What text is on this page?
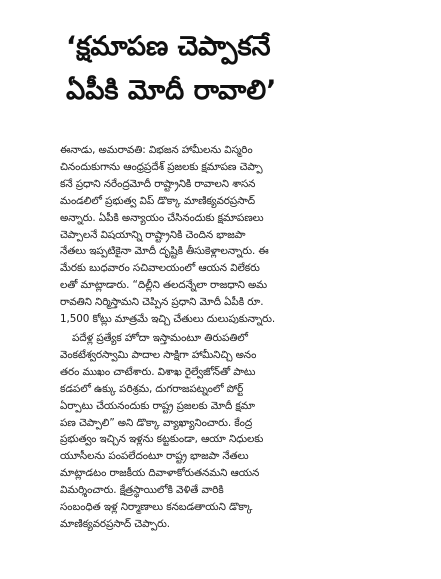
‘క్షమాపణ చెప్పాకనే
ఏపీకి మోదీ రావాలి’
ఈనాడు, అమరావతి: విభజన హామీలను విస్మరిం
చినందుకుగాను ఆంధ్రప్రదేశ్ ప్రజలకు క్షమాపణ చెప్పా
కనే ప్రధాని నరేంద్రమోదీ రాష్ట్రానికి రావాలని శాసన
మండలిలో ప్రభుత్వ విప్ డొక్కా మాణిక్యవరప్రసాద్
అన్నారు. ఏపీకి అన్యాయం చేసినందుకు క్షమాపణలు
చెప్పాలనే విషయాన్ని రాష్ట్రానికి చెందిన భాజపా
నేతలు ఇప్పటికైనా మోదీ దృష్టికి తీసుకెళ్లాలన్నారు. ఈ
మేరకు బుధవారం సచివాలయంలో ఆయన విలేకరు
లతో మాట్లాడారు. “దిల్లీని తలదన్నేలా రాజధాని అమ
రావతిని నిర్మిస్తామని చెప్పిన ప్రధాని మోదీ ఏపీకి రూ.
1,500 కోట్లు మాత్రమే ఇచ్చి చేతులు దులుపుకున్నారు.
పదేళ్ల ప్రత్యేక హోదా ఇస్తామంటూ తిరుపతిలో
వెంకటేశ్వరస్వామి పాదాల సాక్షిగా హామీనిచ్చి అనం
తరం ముఖం చాటేశారు. విశాఖ రైల్వేజోన్‌తో పాటు
కడపలో ఉక్కు పరిశ్రమ, దుగరాజపట్నంలో పోర్ట్
ఏర్పాటు చేయనందుకు రాష్ట్ర ప్రజలకు మోదీ క్షమా
పణ చెప్పాలి” అని డొక్కా వ్యాఖ్యానించారు. కేంద్ర
ప్రభుత్వం ఇచ్చిన ఇళ్లను కట్టకుండా, ఆయా నిధులకు
యూసీలను పంపలేదంటూ రాష్ట్ర భాజపా నేతలు
మాట్లాడటం రాజకీయ దివాళాకోరుతనమని ఆయన
విమర్శించారు. క్షేత్రస్థాయిలోకి వెళితే వారికి
సంబంధిత ఇళ్ల నిర్మాణాలు కనబడతాయని డొక్కా
మాణిక్యవరప్రసాద్ చెప్పారు.
